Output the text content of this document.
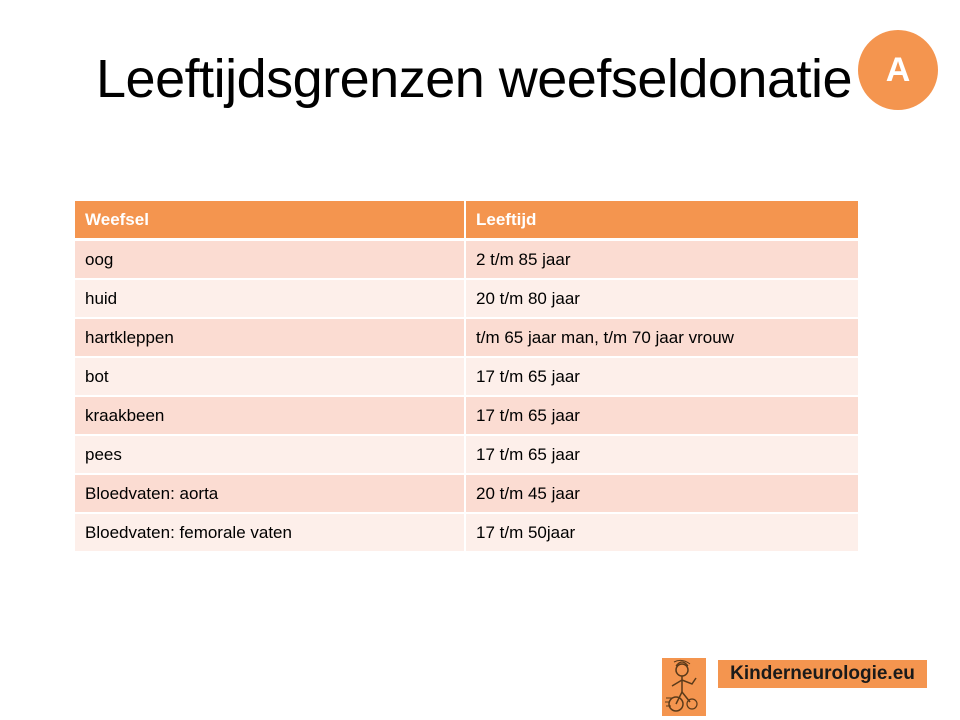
Leeftijdsgrenzen weefseldonatie A
Weefsel	Leeftijd
oog	2 t/m 85 jaar
huid	20 t/m 80 jaar
hartkleppen	t/m 65 jaar man, t/m 70 jaar vrouw
bot	17 t/m 65 jaar
kraakbeen	17 t/m 65 jaar
pees	17 t/m 65 jaar
Bloedvaten: aorta	20 t/m 45 jaar
Bloedvaten: femorale vaten	17 t/m 50jaar
Kinderneurologie.eu
